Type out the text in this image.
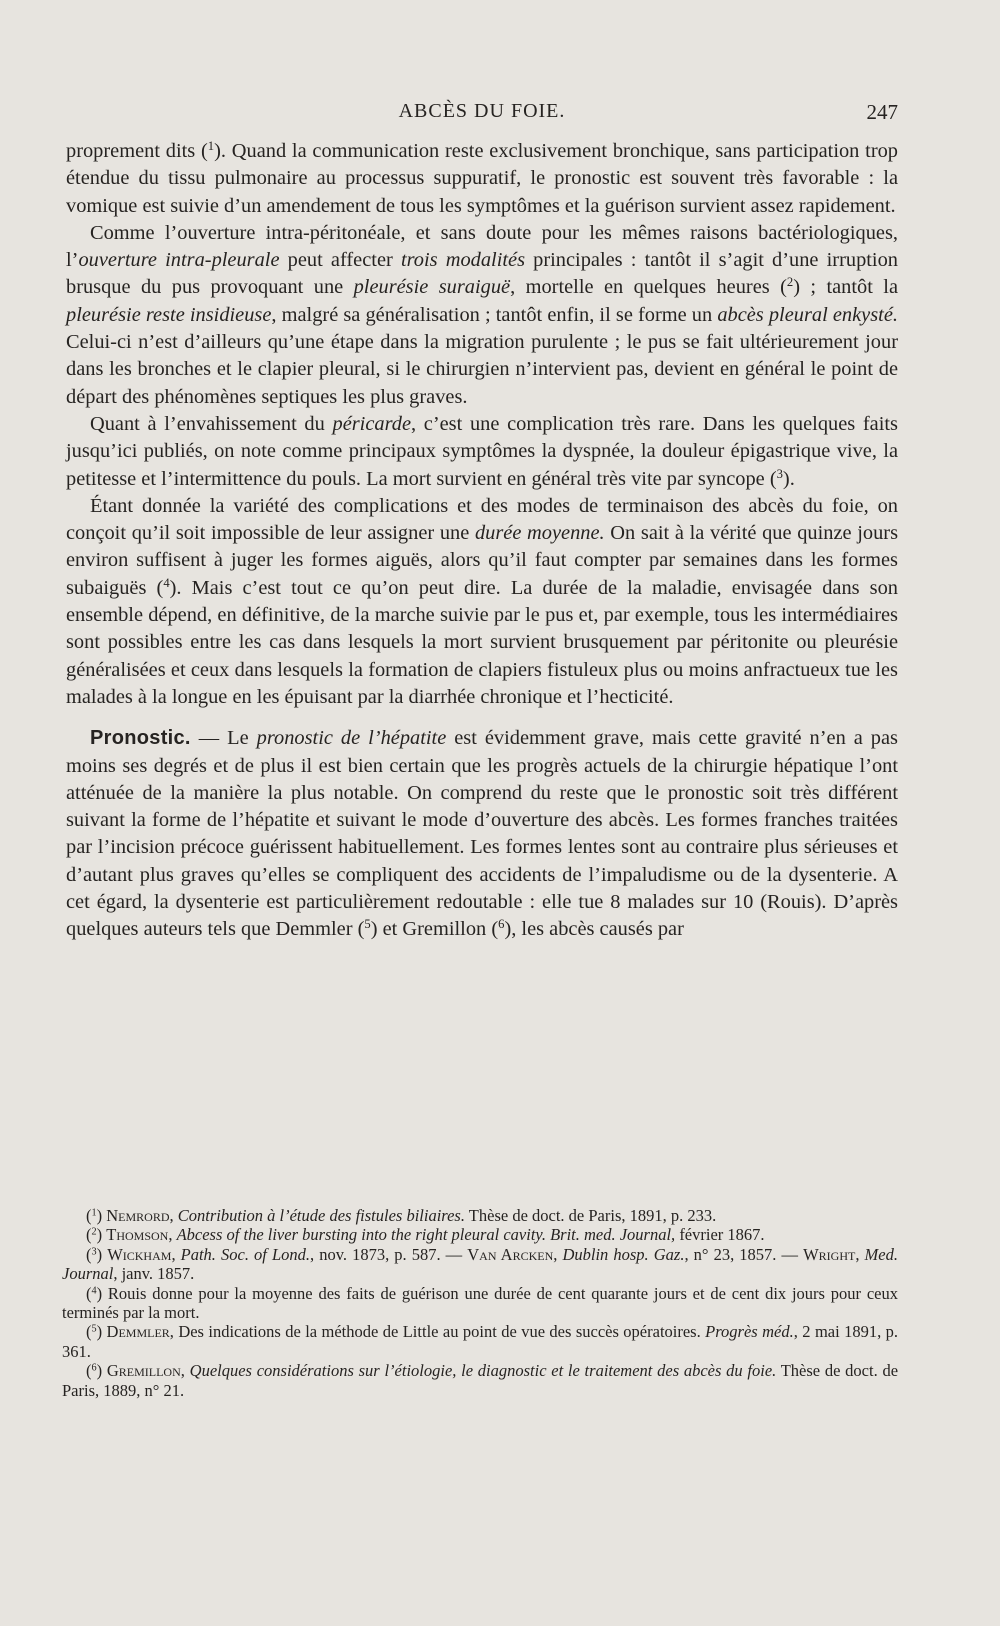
ABCÈS DU FOIE.	247

proprement dits ($^1$). Quand la communication reste exclusivement bronchique, sans participation trop étendue du tissu pulmonaire au processus suppuratif, le pronostic est souvent très favorable : la vomique est suivie d’un amendement de tous les symptômes et la guérison survient assez rapidement.

Comme l’ouverture intra-péritonéale, et sans doute pour les mêmes raisons bactériologiques, l’ouverture intra-pleurale peut affecter trois modalités principales : tantôt il s’agit d’une irruption brusque du pus provoquant une pleurésie suraiguë, mortelle en quelques heures ($^2$) ; tantôt la pleurésie reste insidieuse, malgré sa généralisation ; tantôt enfin, il se forme un abcès pleural enkysté. Celui-ci n’est d’ailleurs qu’une étape dans la migration purulente ; le pus se fait ultérieurement jour dans les bronches et le clapier pleural, si le chirurgien n’intervient pas, devient en général le point de départ des phénomènes septiques les plus graves.

Quant à l’envahissement du péricarde, c’est une complication très rare. Dans les quelques faits jusqu’ici publiés, on note comme principaux symptômes la dyspnée, la douleur épigastrique vive, la petitesse et l’intermittence du pouls. La mort survient en général très vite par syncope ($^3$).

Étant donnée la variété des complications et des modes de terminaison des abcès du foie, on conçoit qu’il soit impossible de leur assigner une durée moyenne. On sait à la vérité que quinze jours environ suffisent à juger les formes aiguës, alors qu’il faut compter par semaines dans les formes subaiguës ($^4$). Mais c’est tout ce qu’on peut dire. La durée de la maladie, envisagée dans son ensemble dépend, en définitive, de la marche suivie par le pus et, par exemple, tous les intermédiaires sont possibles entre les cas dans lesquels la mort survient brusquement par péritonite ou pleurésie généralisées et ceux dans lesquels la formation de clapiers fistuleux plus ou moins anfractueux tue les malades à la longue en les épuisant par la diarrhée chronique et l’hecticité.

Pronostic. — Le pronostic de l’hépatite est évidemment grave, mais cette gravité n’en a pas moins ses degrés et de plus il est bien certain que les progrès actuels de la chirurgie hépatique l’ont atténuée de la manière la plus notable. On comprend du reste que le pronostic soit très différent suivant la forme de l’hépatite et suivant le mode d’ouverture des abcès. Les formes franches traitées par l’incision précoce guérissent habituellement. Les formes lentes sont au contraire plus sérieuses et d’autant plus graves qu’elles se compliquent des accidents de l’impaludisme ou de la dysenterie. A cet égard, la dysenterie est particulièrement redoutable : elle tue 8 malades sur 10 (Rouis). D’après quelques auteurs tels que Demmler ($^5$) et Gremillon ($^6$), les abcès causés par

($^1$) Nemrord, Contribution à l’étude des fistules biliaires. Thèse de doct. de Paris, 1891, p. 233.

($^2$) Thomson, Abcess of the liver bursting into the right pleural cavity. Brit. med. Journal, février 1867.

($^3$) Wickham, Path. Soc. of Lond., nov. 1873, p. 587. — Van Arcken, Dublin hosp. Gaz., n° 23, 1857. — Wright, Med. Journal, janv. 1857.

($^4$) Rouis donne pour la moyenne des faits de guérison une durée de cent quarante jours et de cent dix jours pour ceux terminés par la mort.

($^5$) Demmler, Des indications de la méthode de Little au point de vue des succès opératoires. Progrès méd., 2 mai 1891, p. 361.

($^6$) Gremillon, Quelques considérations sur l’étiologie, le diagnostic et le traitement des abcès du foie. Thèse de doct. de Paris, 1889, n° 21.
